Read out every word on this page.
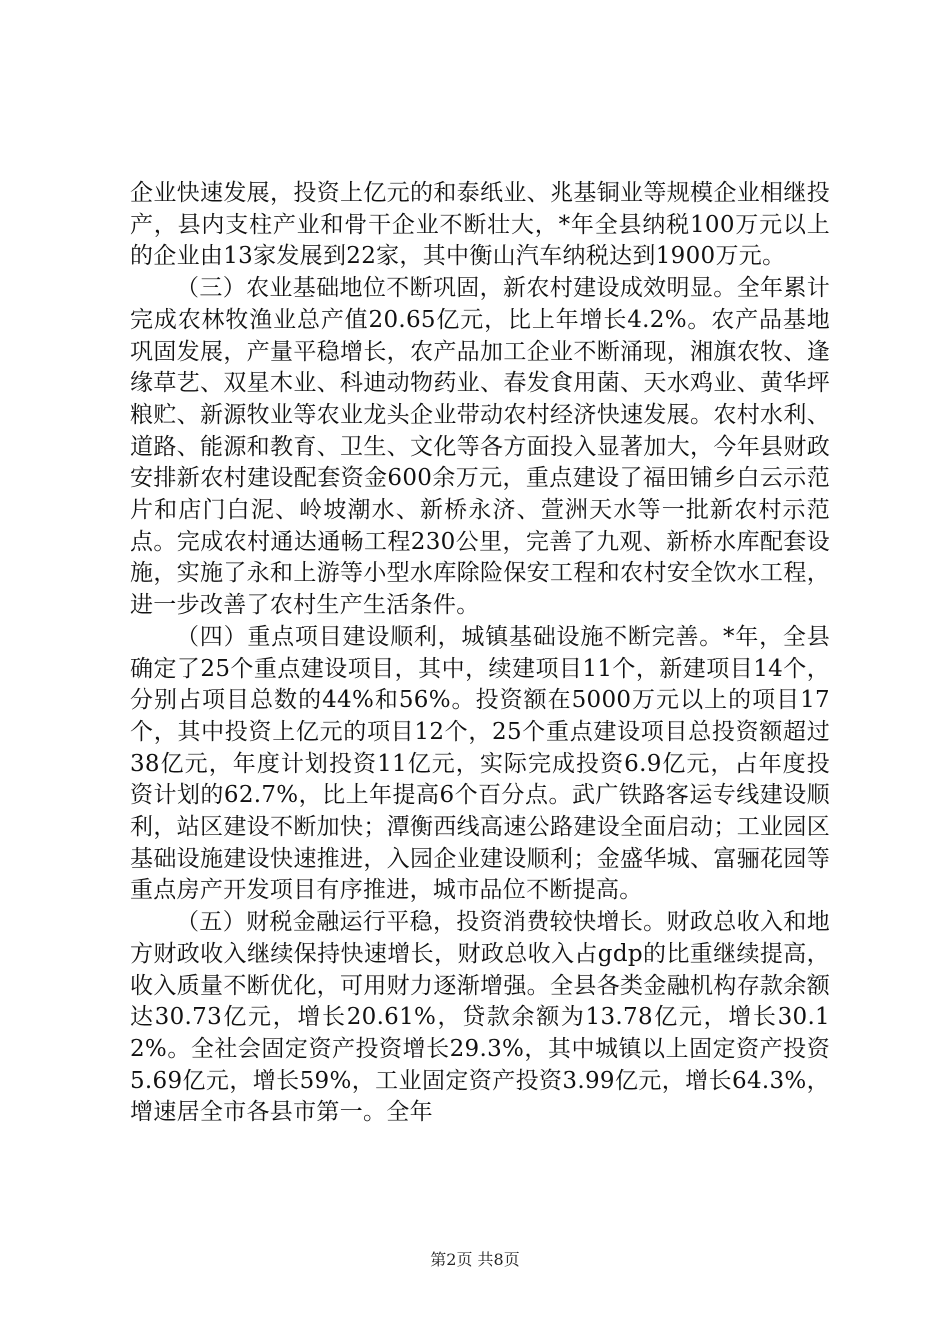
企业快速发展，投资上亿元的和泰纸业、兆基铜业等规模企业相继投产，县内支柱产业和骨干企业不断壮大，*年全县纳税100万元以上的企业由13家发展到22家，其中衡山汽车纳税达到1900万元。

（三）农业基础地位不断巩固，新农村建设成效明显。全年累计完成农林牧渔业总产值20.65亿元，比上年增长4.2%。农产品基地巩固发展，产量平稳增长，农产品加工企业不断涌现，湘旗农牧、逢缘草艺、双星木业、科迪动物药业、春发食用菌、天水鸡业、黄华坪粮贮、新源牧业等农业龙头企业带动农村经济快速发展。农村水利、道路、能源和教育、卫生、文化等各方面投入显著加大，今年县财政安排新农村建设配套资金600余万元，重点建设了福田铺乡白云示范片和店门白泥、岭坡潮水、新桥永济、萱洲天水等一批新农村示范点。完成农村通达通畅工程230公里，完善了九观、新桥水库配套设施，实施了永和上游等小型水库除险保安工程和农村安全饮水工程，进一步改善了农村生产生活条件。

（四）重点项目建设顺利，城镇基础设施不断完善。*年，全县确定了25个重点建设项目，其中，续建项目11个，新建项目14个，分别占项目总数的44%和56%。投资额在5000万元以上的项目17个，其中投资上亿元的项目12个，25个重点建设项目总投资额超过38亿元，年度计划投资11亿元，实际完成投资6.9亿元，占年度投资计划的62.7%，比上年提高6个百分点。武广铁路客运专线建设顺利，站区建设不断加快；潭衡西线高速公路建设全面启动；工业园区基础设施建设快速推进，入园企业建设顺利；金盛华城、富骊花园等重点房产开发项目有序推进，城市品位不断提高。

（五）财税金融运行平稳，投资消费较快增长。财政总收入和地方财政收入继续保持快速增长，财政总收入占gdp的比重继续提高，收入质量不断优化，可用财力逐渐增强。全县各类金融机构存款余额达30.73亿元，增长20.61%，贷款余额为13.78亿元，增长30.12%。全社会固定资产投资增长29.3%，其中城镇以上固定资产投资5.69亿元，增长59%，工业固定资产投资3.99亿元，增长64.3%，增速居全市各县市第一。全年

第2页 共8页
